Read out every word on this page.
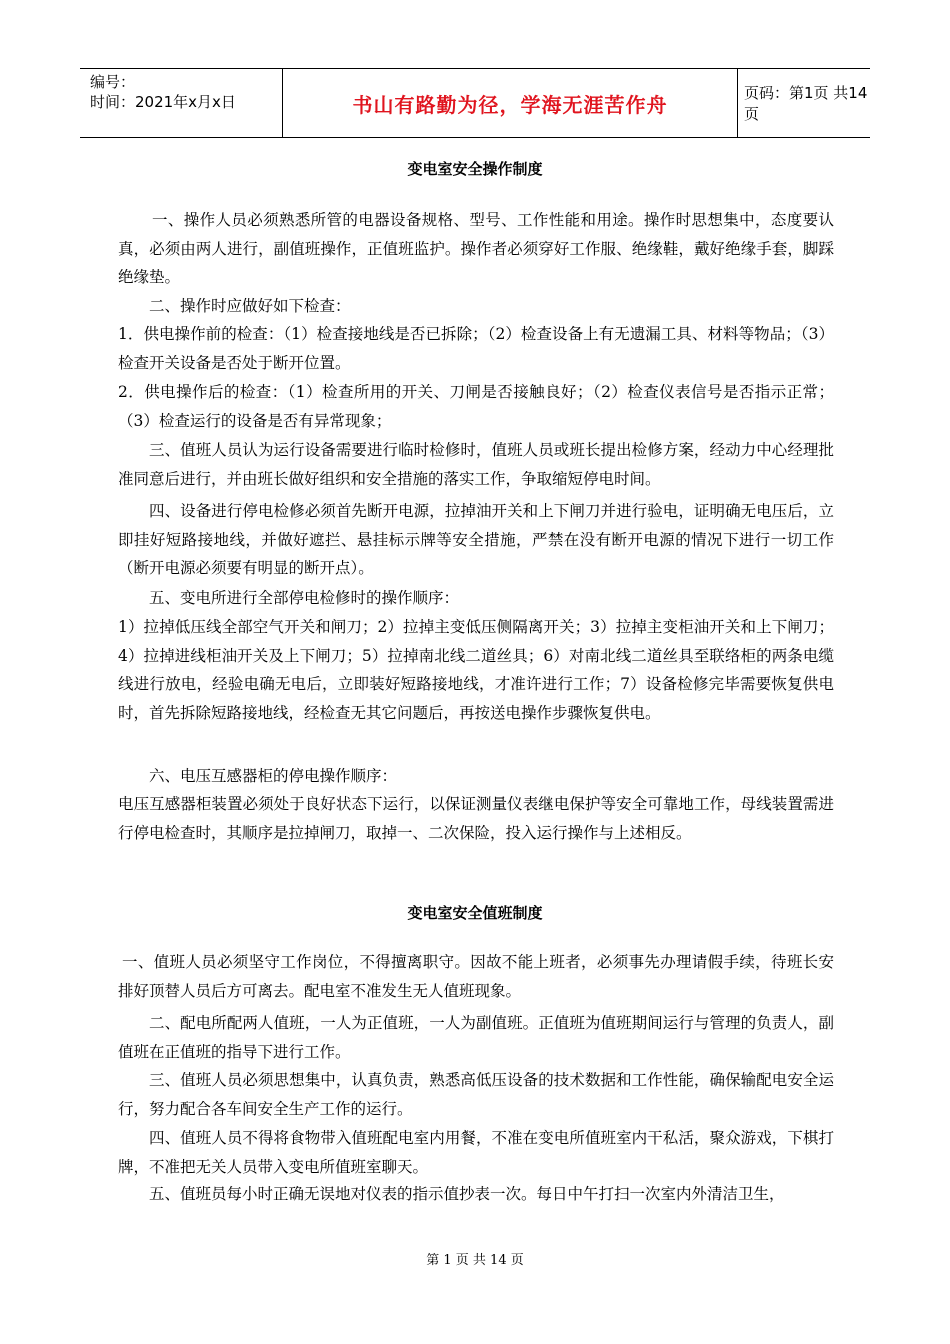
编号：
时间：2021年x月x日	书山有路勤为径，学海无涯苦作舟	页码：第1页 共14页
变电室安全操作制度

一、操作人员必须熟悉所管的电器设备规格、型号、工作性能和用途。操作时思想集中，态度要认真，必须由两人进行，副值班操作，正值班监护。操作者必须穿好工作服、绝缘鞋，戴好绝缘手套，脚踩绝缘垫。

二、操作时应做好如下检查：

1．供电操作前的检查：（1）检查接地线是否已拆除；（2）检查设备上有无遗漏工具、材料等物品；（3）检查开关设备是否处于断开位置。

2．供电操作后的检查：（1）检查所用的开关、刀闸是否接触良好；（2）检查仪表信号是否指示正常；（3）检查运行的设备是否有异常现象；

三、值班人员认为运行设备需要进行临时检修时，值班人员或班长提出检修方案，经动力中心经理批准同意后进行，并由班长做好组织和安全措施的落实工作，争取缩短停电时间。

四、设备进行停电检修必须首先断开电源，拉掉油开关和上下闸刀并进行验电，证明确无电压后，立即挂好短路接地线，并做好遮拦、悬挂标示牌等安全措施，严禁在没有断开电源的情况下进行一切工作（断开电源必须要有明显的断开点）。

五、变电所进行全部停电检修时的操作顺序：

1）拉掉低压线全部空气开关和闸刀；2）拉掉主变低压侧隔离开关；3）拉掉主变柜油开关和上下闸刀；4）拉掉进线柜油开关及上下闸刀；5）拉掉南北线二道丝具；6）对南北线二道丝具至联络柜的两条电缆线进行放电，经验电确无电后，立即装好短路接地线，才准许进行工作；7）设备检修完毕需要恢复供电时，首先拆除短路接地线，经检查无其它问题后，再按送电操作步骤恢复供电。

六、电压互感器柜的停电操作顺序：

电压互感器柜装置必须处于良好状态下运行，以保证测量仪表继电保护等安全可靠地工作，母线装置需进行停电检查时，其顺序是拉掉闸刀，取掉一、二次保险，投入运行操作与上述相反。

变电室安全值班制度

一、值班人员必须坚守工作岗位，不得擅离职守。因故不能上班者，必须事先办理请假手续，待班长安排好顶替人员后方可离去。配电室不准发生无人值班现象。

二、配电所配两人值班，一人为正值班，一人为副值班。正值班为值班期间运行与管理的负责人，副值班在正值班的指导下进行工作。

三、值班人员必须思想集中，认真负责，熟悉高低压设备的技术数据和工作性能，确保输配电安全运行，努力配合各车间安全生产工作的运行。

四、值班人员不得将食物带入值班配电室内用餐，不准在变电所值班室内干私活，聚众游戏，下棋打牌，不准把无关人员带入变电所值班室聊天。

五、值班员每小时正确无误地对仪表的指示值抄表一次。每日中午打扫一次室内外清洁卫生，

第 1 页 共 14 页
